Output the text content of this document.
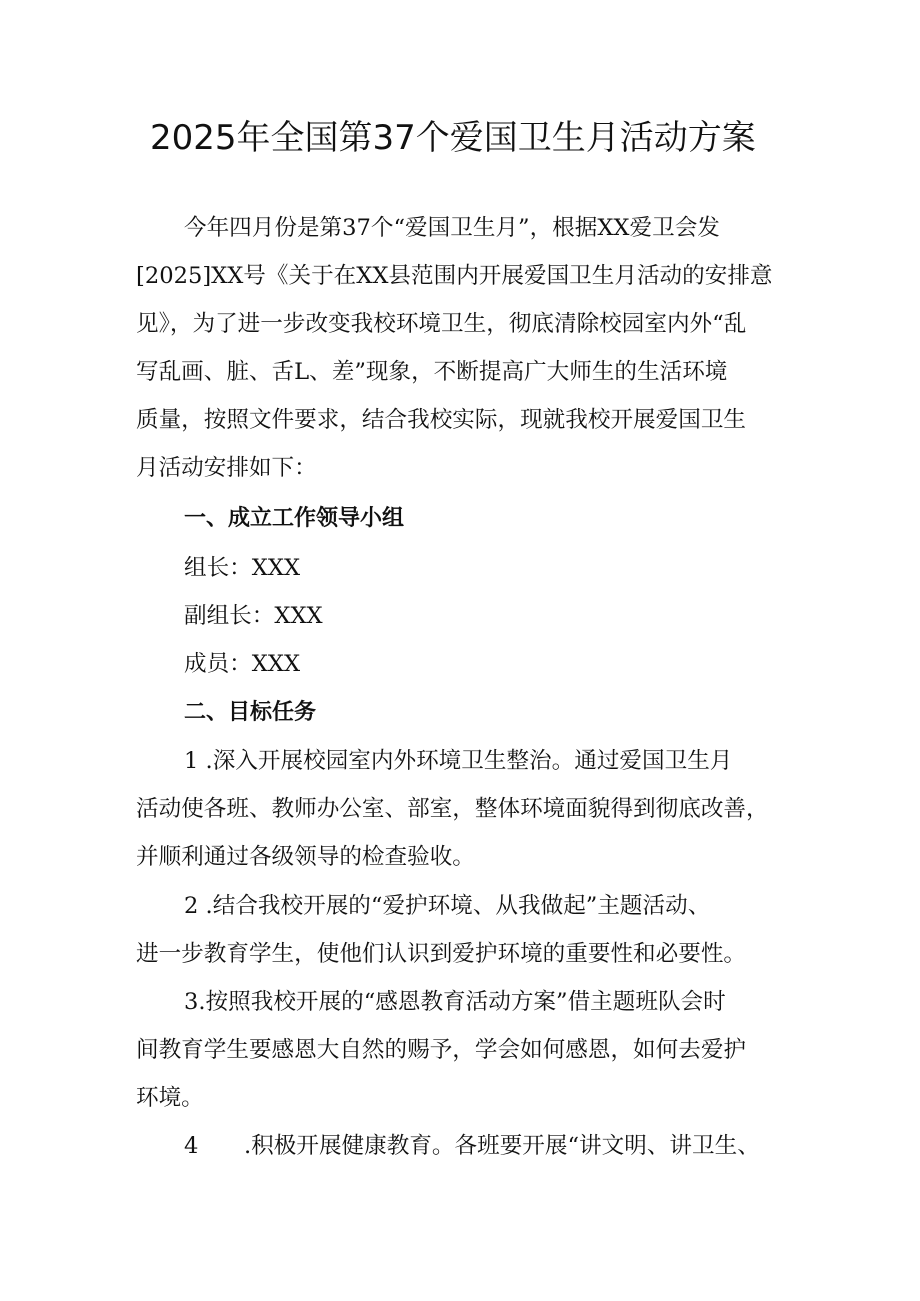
2025年全国第37个爱国卫生月活动方案
今年四月份是第37个“爱国卫生月”，根据XX爱卫会发
[2025]XX号《关于在XX县范围内开展爱国卫生月活动的安排意
见》，为了进一步改变我校环境卫生，彻底清除校园室内外“乱
写乱画、脏、舌L、差”现象，不断提高广大师生的生活环境
质量，按照文件要求，结合我校实际，现就我校开展爱国卫生
月活动安排如下：
一、成立工作领导小组
组长：XXX
副组长：XXX
成员：XXX
二、目标任务
1 .深入开展校园室内外环境卫生整治。通过爱国卫生月
活动使各班、教师办公室、部室，整体环境面貌得到彻底改善，
并顺利通过各级领导的检查验收。
2 .结合我校开展的“爱护环境、从我做起”主题活动、
进一步教育学生，使他们认识到爱护环境的重要性和必要性。
3.按照我校开展的“感恩教育活动方案”借主题班队会时
间教育学生要感恩大自然的赐予，学会如何感恩，如何去爱护
环境。
4 .积极开展健康教育。各班要开展“讲文明、讲卫生、
